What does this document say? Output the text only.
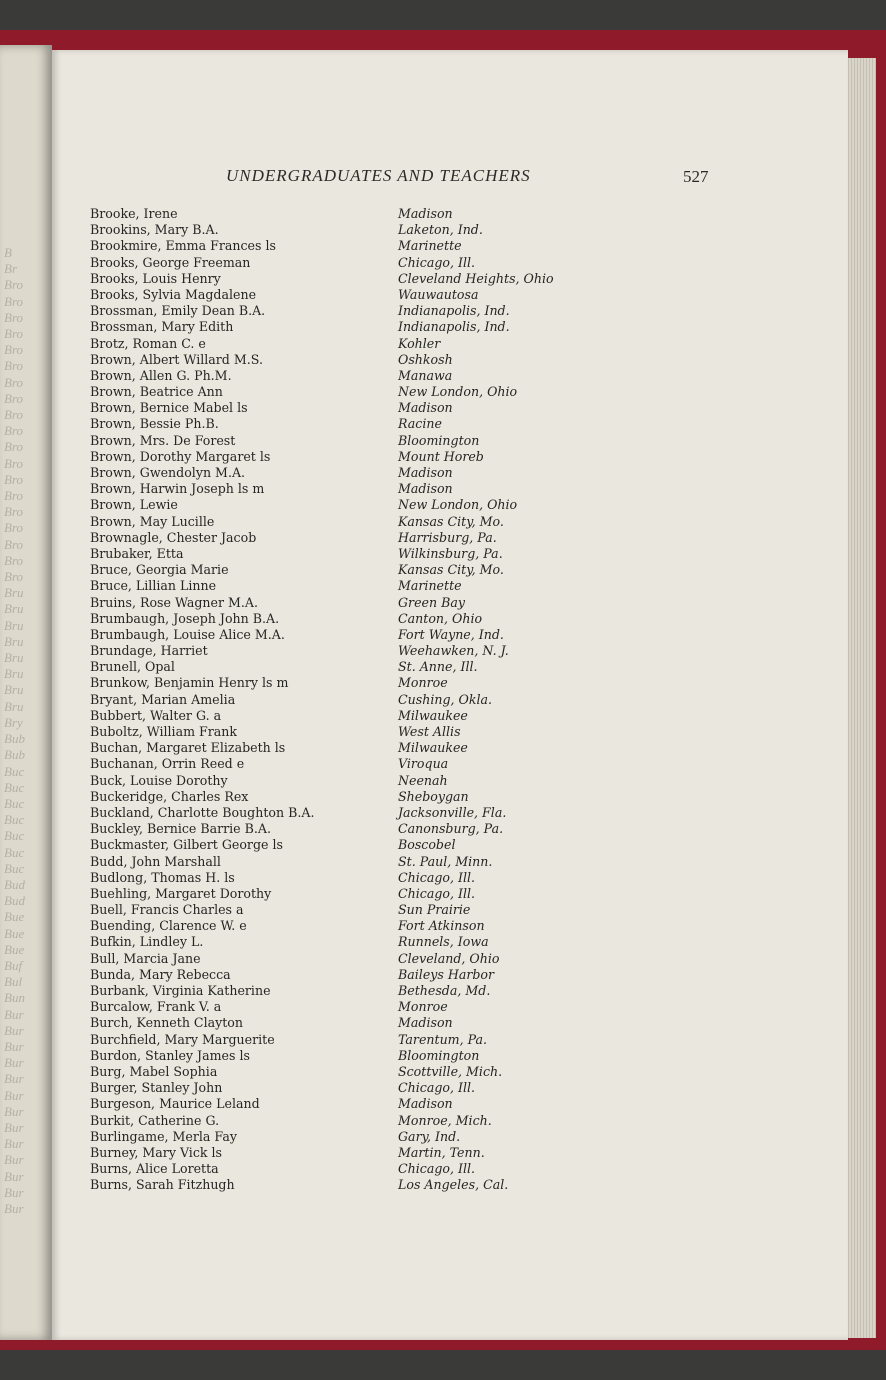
B
Br
Bro
Bro
Bro
Bro
Bro
Bro
Bro
Bro
Bro
Bro
Bro
Bro
Bro
Bro
Bro
Bro
Bro
Bro
Bro
Bru
Bru
Bru
Bru
Bru
Bru
Bru
Bru
Bry
Bub
Bub
Buc
Buc
Buc
Buc
Buc
Buc
Buc
Bud
Bud
Bue
Bue
Bue
Buf
Bul
Bun
Bur
Bur
Bur
Bur
Bur
Bur
Bur
Bur
Bur
Bur
Bur
Bur
Bur
UNDERGRADUATES AND TEACHERS	527
Brooke, Irene	Madison
Brookins, Mary B.A.	Laketon, Ind.
Brookmire, Emma Frances ls	Marinette
Brooks, George Freeman	Chicago, Ill.
Brooks, Louis Henry	Cleveland Heights, Ohio
Brooks, Sylvia Magdalene	Wauwautosa
Brossman, Emily Dean B.A.	Indianapolis, Ind.
Brossman, Mary Edith	Indianapolis, Ind.
Brotz, Roman C. e	Kohler
Brown, Albert Willard M.S.	Oshkosh
Brown, Allen G. Ph.M.	Manawa
Brown, Beatrice Ann	New London, Ohio
Brown, Bernice Mabel ls	Madison
Brown, Bessie Ph.B.	Racine
Brown, Mrs. De Forest	Bloomington
Brown, Dorothy Margaret ls	Mount Horeb
Brown, Gwendolyn M.A.	Madison
Brown, Harwin Joseph ls m	Madison
Brown, Lewie	New London, Ohio
Brown, May Lucille	Kansas City, Mo.
Brownagle, Chester Jacob	Harrisburg, Pa.
Brubaker, Etta	Wilkinsburg, Pa.
Bruce, Georgia Marie	Kansas City, Mo.
Bruce, Lillian Linne	Marinette
Bruins, Rose Wagner M.A.	Green Bay
Brumbaugh, Joseph John B.A.	Canton, Ohio
Brumbaugh, Louise Alice M.A.	Fort Wayne, Ind.
Brundage, Harriet	Weehawken, N. J.
Brunell, Opal	St. Anne, Ill.
Brunkow, Benjamin Henry ls m	Monroe
Bryant, Marian Amelia	Cushing, Okla.
Bubbert, Walter G. a	Milwaukee
Buboltz, William Frank	West Allis
Buchan, Margaret Elizabeth ls	Milwaukee
Buchanan, Orrin Reed e	Viroqua
Buck, Louise Dorothy	Neenah
Buckeridge, Charles Rex	Sheboygan
Buckland, Charlotte Boughton B.A.	Jacksonville, Fla.
Buckley, Bernice Barrie B.A.	Canonsburg, Pa.
Buckmaster, Gilbert George ls	Boscobel
Budd, John Marshall	St. Paul, Minn.
Budlong, Thomas H. ls	Chicago, Ill.
Buehling, Margaret Dorothy	Chicago, Ill.
Buell, Francis Charles a	Sun Prairie
Buending, Clarence W. e	Fort Atkinson
Bufkin, Lindley L.	Runnels, Iowa
Bull, Marcia Jane	Cleveland, Ohio
Bunda, Mary Rebecca	Baileys Harbor
Burbank, Virginia Katherine	Bethesda, Md.
Burcalow, Frank V. a	Monroe
Burch, Kenneth Clayton	Madison
Burchfield, Mary Marguerite	Tarentum, Pa.
Burdon, Stanley James ls	Bloomington
Burg, Mabel Sophia	Scottville, Mich.
Burger, Stanley John	Chicago, Ill.
Burgeson, Maurice Leland	Madison
Burkit, Catherine G.	Monroe, Mich.
Burlingame, Merla Fay	Gary, Ind.
Burney, Mary Vick ls	Martin, Tenn.
Burns, Alice Loretta	Chicago, Ill.
Burns, Sarah Fitzhugh	Los Angeles, Cal.
